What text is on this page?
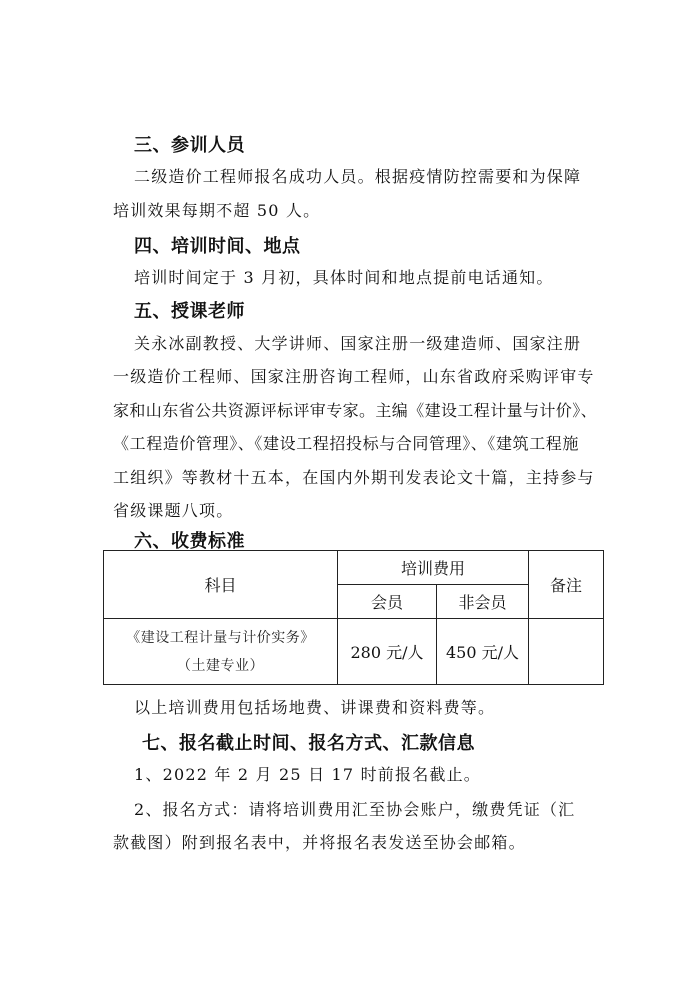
三、参训人员
二级造价工程师报名成功人员。根据疫情防控需要和为保障
培训效果每期不超 50 人。
四、培训时间、地点
培训时间定于 3 月初，具体时间和地点提前电话通知。
五、授课老师
关永冰副教授、大学讲师、国家注册一级建造师、国家注册
一级造价工程师、国家注册咨询工程师，山东省政府采购评审专
家和山东省公共资源评标评审专家。主编《建设工程计量与计价》、
《工程造价管理》、《建设工程招投标与合同管理》、《建筑工程施
工组织》等教材十五本，在国内外期刊发表论文十篇，主持参与
省级课题八项。
六、收费标准
科目	培训费用		备注
	会员	非会员	

《建设工程计量与计价实务》
（土建专业）	280 元/人	450 元/人	
以上培训费用包括场地费、讲课费和资料费等。
七、报名截止时间、报名方式、汇款信息
1、2022 年 2 月 25 日 17 时前报名截止。
2、报名方式：请将培训费用汇至协会账户，缴费凭证（汇
款截图）附到报名表中，并将报名表发送至协会邮箱。
